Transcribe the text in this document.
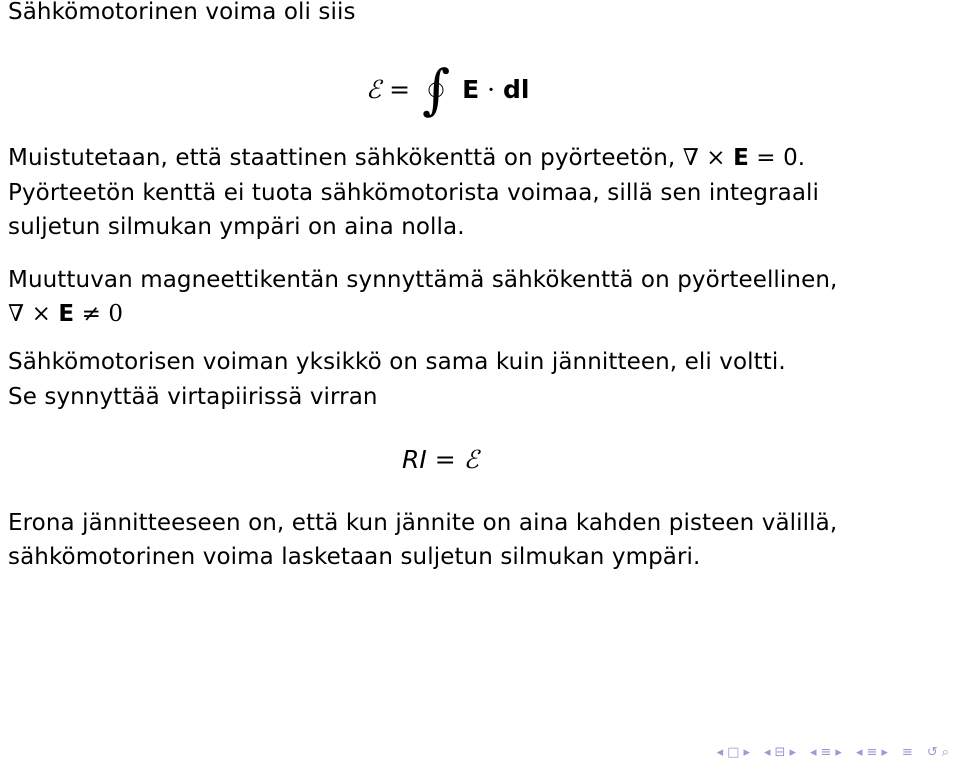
Sähkömotorinen voima oli siis
ℰ = ∫ E · dl
Muistutetaan, että staattinen sähkökenttä on pyörteetön, ∇ × E = 0.
Pyörteetön kenttä ei tuota sähkömotorista voimaa, sillä sen integraali
suljetun silmukan ympäri on aina nolla.
Muuttuvan magneettikentän synnyttämä sähkökenttä on pyörteellinen,
∇ × E ≠ 0
Sähkömotorisen voiman yksikkö on sama kuin jännitteen, eli voltti.
Se synnyttää virtapiirissä virran
RI = ℰ
Erona jännitteeseen on, että kun jännite on aina kahden pisteen välillä,
sähkömotorinen voima lasketaan suljetun silmukan ympäri.
◂ □ ▸ ◂ ⊟ ▸ ◂ ≡ ▸ ◂ ≡ ▸ ≡ ↺ ⌕
